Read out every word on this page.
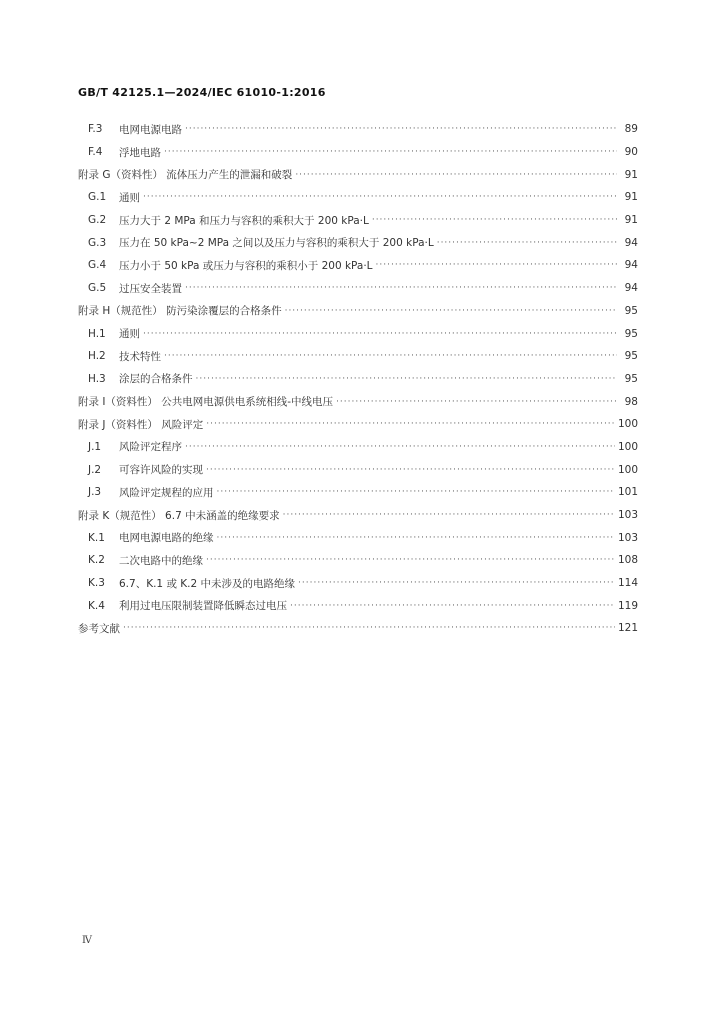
GB/T 42125.1—2024/IEC 61010-1:2016
F.3	电网电源电路 ·····	89
F.4	浮地电路 ·····	90
附录 G（资料性） 流体压力产生的泄漏和破裂 ·····	91
G.1	通则 ·····	91
G.2	压力大于 2 MPa 和压力与容积的乘积大于 200 kPa·L ·····	91
G.3	压力在 50 kPa~2 MPa 之间以及压力与容积的乘积大于 200 kPa·L ·····	94
G.4	压力小于 50 kPa 或压力与容积的乘积小于 200 kPa·L ·····	94
G.5	过压安全装置 ·····	94
附录 H（规范性） 防污染涂覆层的合格条件 ·····	95
H.1	通则 ·····	95
H.2	技术特性 ·····	95
H.3	涂层的合格条件 ·····	95
附录 I（资料性） 公共电网电源供电系统相线-中线电压 ·····	98
附录 J（资料性） 风险评定 ·····	100
J.1	风险评定程序 ·····	100
J.2	可容许风险的实现 ·····	100
J.3	风险评定规程的应用 ·····	101
附录 K（规范性） 6.7 中未涵盖的绝缘要求 ·····	103
K.1	电网电源电路的绝缘 ·····	103
K.2	二次电路中的绝缘 ·····	108
K.3	6.7、K.1 或 K.2 中未涉及的电路绝缘 ·····	114
K.4	利用过电压限制装置降低瞬态过电压 ·····	119
参考文献 ·····	121
Ⅳ
